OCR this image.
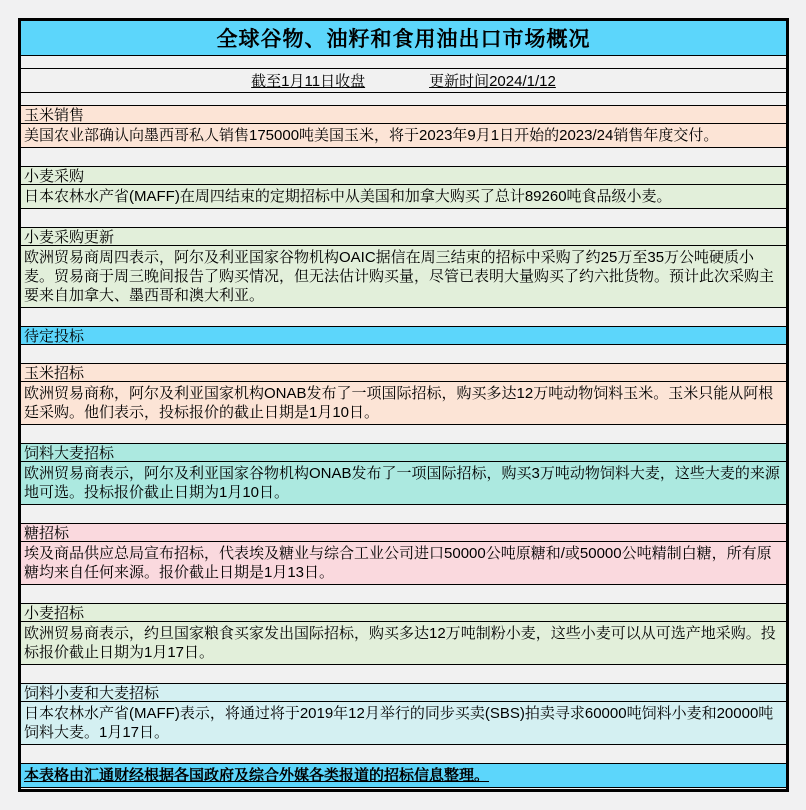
全球谷物、油籽和食用油出口市场概况
截至1月11日收盘	更新时间2024/1/12
玉米销售
美国农业部确认向墨西哥私人销售175000吨美国玉米，将于2023年9月1日开始的2023/24销售年度交付。
小麦采购
日本农林水产省(MAFF)在周四结束的定期招标中从美国和加拿大购买了总计89260吨食品级小麦。
小麦采购更新
欧洲贸易商周四表示，阿尔及利亚国家谷物机构OAIC据信在周三结束的招标中采购了约25万至35万公吨硬质小麦。贸易商于周三晚间报告了购买情况，但无法估计购买量，尽管已表明大量购买了约六批货物。预计此次采购主要来自加拿大、墨西哥和澳大利亚。
待定投标
玉米招标
欧洲贸易商称，阿尔及利亚国家机构ONAB发布了一项国际招标，购买多达12万吨动物饲料玉米。玉米只能从阿根廷采购。他们表示，投标报价的截止日期是1月10日。
饲料大麦招标
欧洲贸易商表示，阿尔及利亚国家谷物机构ONAB发布了一项国际招标，购买3万吨动物饲料大麦，这些大麦的来源地可选。投标报价截止日期为1月10日。
糖招标
埃及商品供应总局宣布招标，代表埃及糖业与综合工业公司进口50000公吨原糖和/或50000公吨精制白糖，所有原糖均来自任何来源。报价截止日期是1月13日。
小麦招标
欧洲贸易商表示，约旦国家粮食买家发出国际招标，购买多达12万吨制粉小麦，这些小麦可以从可选产地采购。投标报价截止日期为1月17日。
饲料小麦和大麦招标
日本农林水产省(MAFF)表示，将通过将于2019年12月举行的同步买卖(SBS)拍卖寻求60000吨饲料小麦和20000吨饲料大麦。1月17日。
本表格由汇通财经根据各国政府及综合外媒各类报道的招标信息整理。
